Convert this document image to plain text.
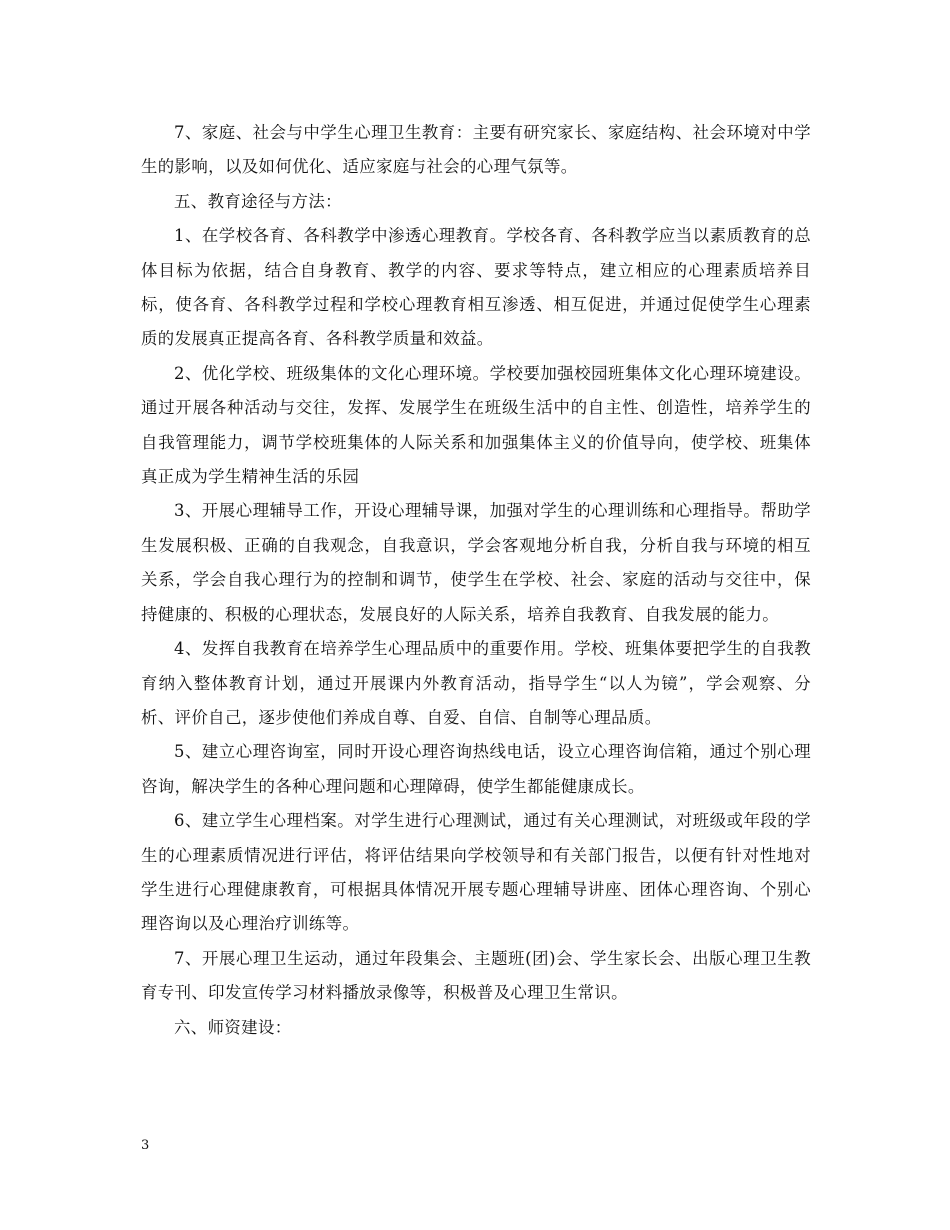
7、家庭、社会与中学生心理卫生教育：主要有研究家长、家庭结构、社会环境对中学生的影响，以及如何优化、适应家庭与社会的心理气氛等。

五、教育途径与方法：

1、在学校各育、各科教学中渗透心理教育。学校各育、各科教学应当以素质教育的总体目标为依据，结合自身教育、教学的内容、要求等特点，建立相应的心理素质培养目标，使各育、各科教学过程和学校心理教育相互渗透、相互促进，并通过促使学生心理素质的发展真正提高各育、各科教学质量和效益。

2、优化学校、班级集体的文化心理环境。学校要加强校园班集体文化心理环境建设。通过开展各种活动与交往，发挥、发展学生在班级生活中的自主性、创造性，培养学生的自我管理能力，调节学校班集体的人际关系和加强集体主义的价值导向，使学校、班集体真正成为学生精神生活的乐园

3、开展心理辅导工作，开设心理辅导课，加强对学生的心理训练和心理指导。帮助学生发展积极、正确的自我观念，自我意识，学会客观地分析自我，分析自我与环境的相互关系，学会自我心理行为的控制和调节，使学生在学校、社会、家庭的活动与交往中，保持健康的、积极的心理状态，发展良好的人际关系，培养自我教育、自我发展的能力。

4、发挥自我教育在培养学生心理品质中的重要作用。学校、班集体要把学生的自我教育纳入整体教育计划，通过开展课内外教育活动，指导学生“以人为镜”，学会观察、分析、评价自己，逐步使他们养成自尊、自爱、自信、自制等心理品质。

5、建立心理咨询室，同时开设心理咨询热线电话，设立心理咨询信箱，通过个别心理咨询，解决学生的各种心理问题和心理障碍，使学生都能健康成长。

6、建立学生心理档案。对学生进行心理测试，通过有关心理测试，对班级或年段的学生的心理素质情况进行评估，将评估结果向学校领导和有关部门报告，以便有针对性地对学生进行心理健康教育，可根据具体情况开展专题心理辅导讲座、团体心理咨询、个别心理咨询以及心理治疗训练等。

7、开展心理卫生运动，通过年段集会、主题班(团)会、学生家长会、出版心理卫生教育专刊、印发宣传学习材料播放录像等，积极普及心理卫生常识。

六、师资建设：

3
